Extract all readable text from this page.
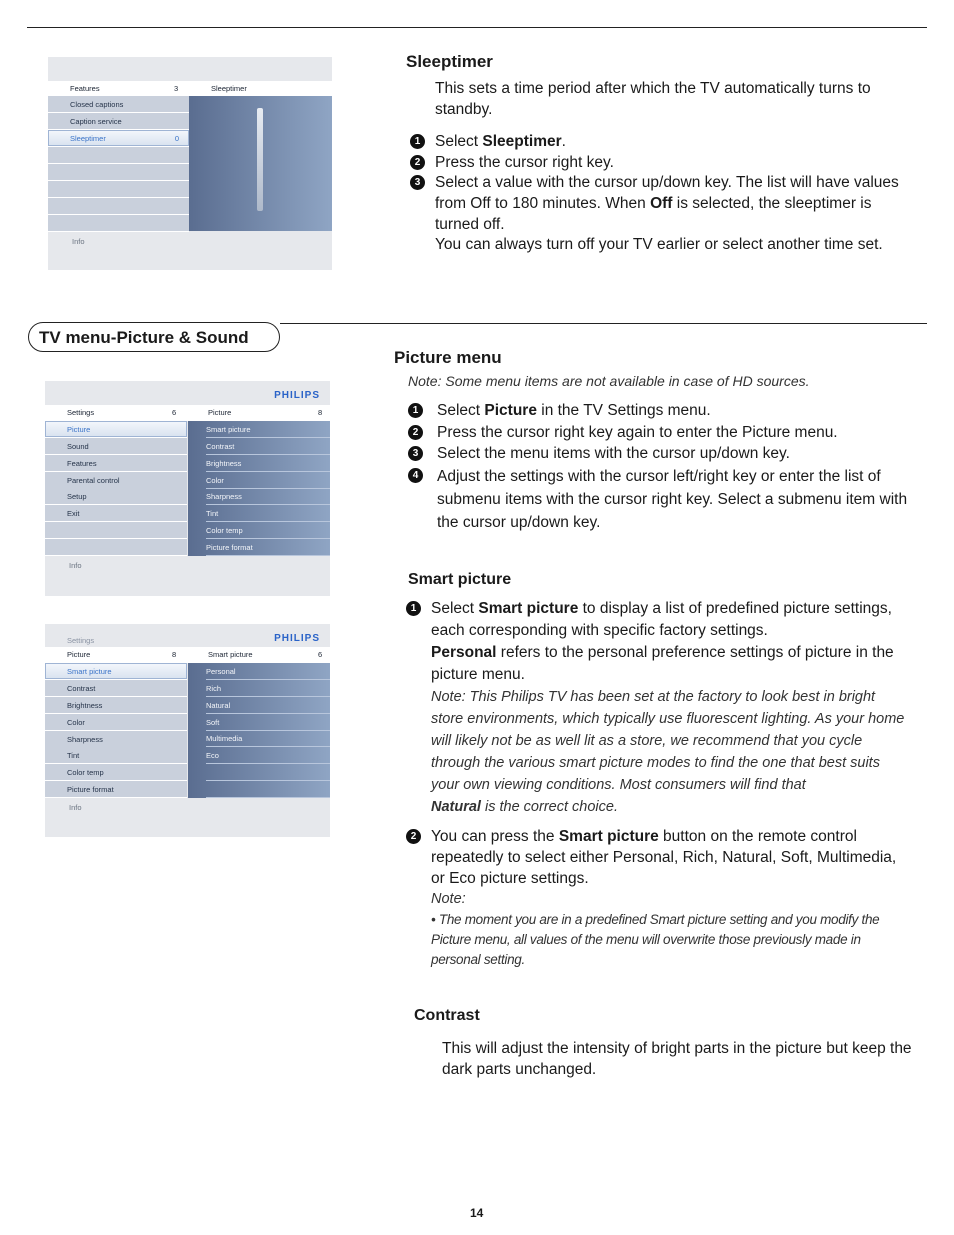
Features	3	Sleeptimer
Closed captions
Caption service
Sleeptimer	0
Info
Sleeptimer
This sets a time period after which the TV automatically turns to standby.
1 Select Sleeptimer.
2 Press the cursor right key.
3 Select a value with the cursor up/down key. The list will have values from Off to 180 minutes. When Off is selected, the sleeptimer is turned off.
You can always turn off your TV earlier or select another time set.
TV menu-Picture & Sound
PHILIPS
Settings	6	Picture	8
Smart picture
Contrast
Brightness
Color
Sharpness
Tint
Color temp
Picture format
Picture
Sound
Features
Parental control
Setup
Exit
Info
Picture menu
Note: Some menu items are not available in case of HD sources.
1	Select Picture in the TV Settings menu.
2	Press the cursor right key again to enter the Picture menu.
3	Select the menu items with the cursor up/down key.
4	Adjust the settings with the cursor left/right key or enter the list of submenu items with the cursor right key. Select a submenu item with the cursor up/down key.
PHILIPS
Settings
Picture	8	Smart picture	6
Personal
Rich
Natural
Soft
Multimedia
Eco
Smart picture
Contrast
Brightness
Color
Sharpness
Tint
Color temp
Picture format
Info
Smart picture
1 Select Smart picture to display a list of predefined picture settings, each corresponding with specific factory settings.
Personal refers to the personal preference settings of picture in the picture menu.

Note: This Philips TV has been set at the factory to look best in bright store environments, which typically use fluorescent lighting. As your home will likely not be as well lit as a store, we recommend that you cycle through the various smart picture modes to find the one that best suits your own viewing conditions. Most consumers will find that
Natural is the correct choice.
2 You can press the Smart picture button on the remote control repeatedly to select either Personal, Rich, Natural, Soft, Multimedia, or Eco picture settings.

Note:
• The moment you are in a predefined Smart picture setting and you modify the Picture menu, all values of the menu will overwrite those previously made in personal setting.
Contrast
This will adjust the intensity of bright parts in the picture but keep the dark parts unchanged.
14
